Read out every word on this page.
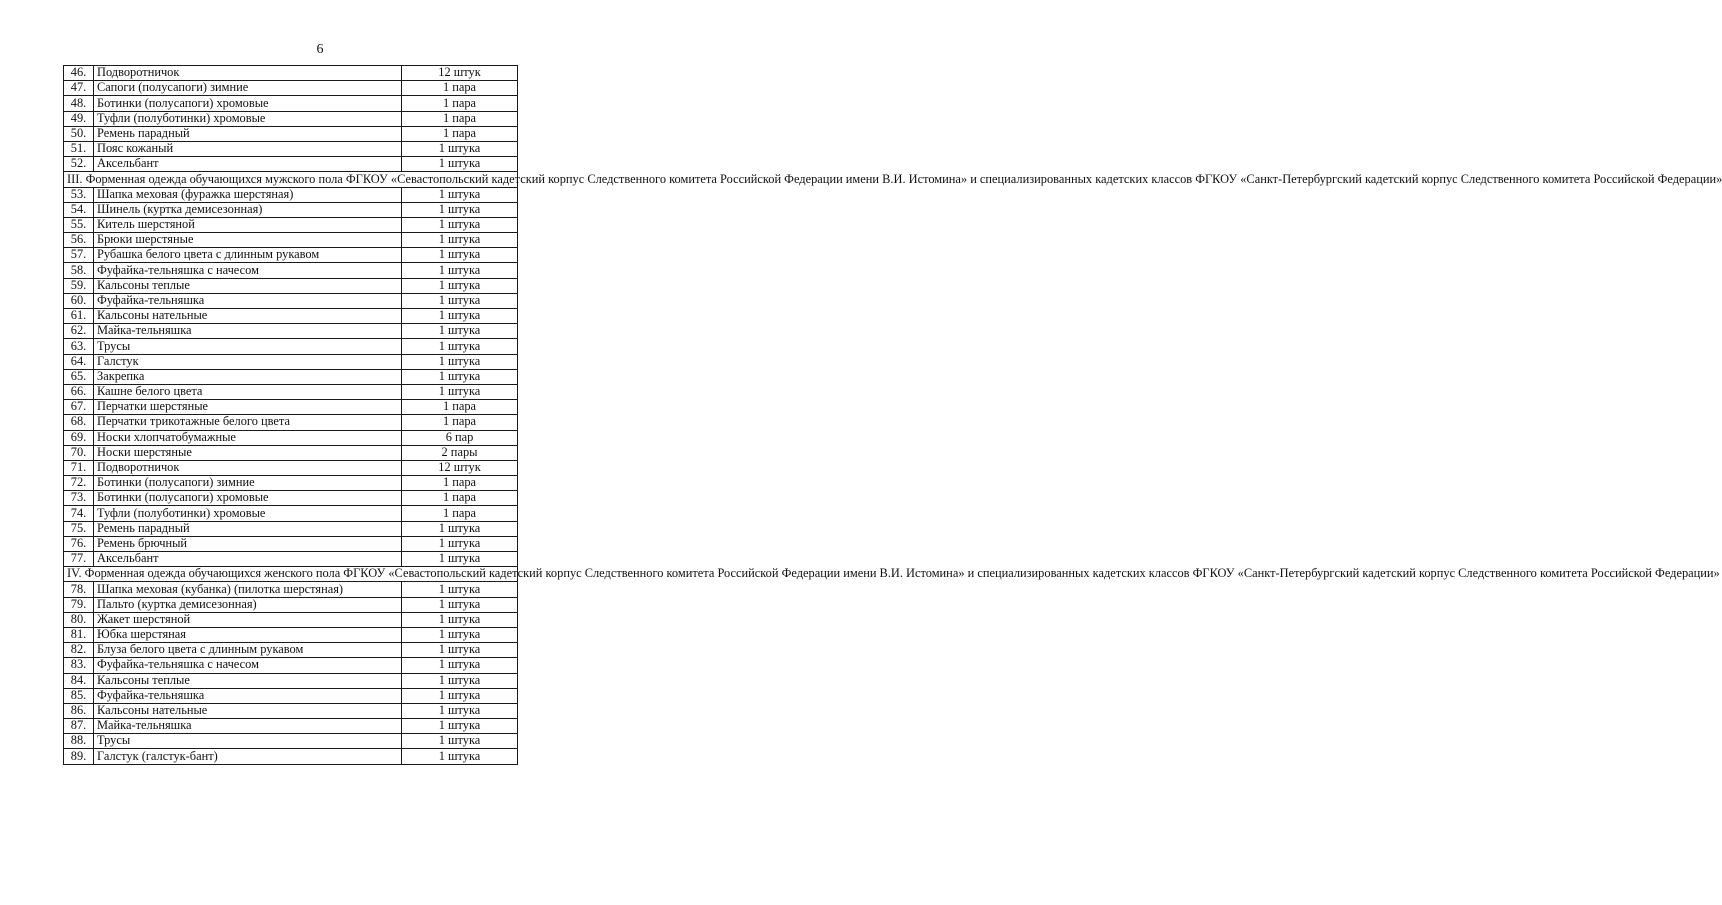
6
46.	Подворотничок	12 штук
47.	Сапоги (полусапоги) зимние	1 пара
48.	Ботинки (полусапоги) хромовые	1 пара
49.	Туфли (полуботинки) хромовые	1 пара
50.	Ремень парадный	1 пара
51.	Пояс кожаный	1 штука
52.	Аксельбант	1 штука
III. Форменная одежда обучающихся мужского пола ФГКОУ «Севастопольский кадетский корпус Следственного комитета Российской Федерации имени В.И. Истомина» и специализированных кадетских классов ФГКОУ «Санкт-Петербургский кадетский корпус Следственного комитета Российской Федерации»		
53.	Шапка меховая (фуражка шерстяная)	1 штука
54.	Шинель (куртка демисезонная)	1 штука
55.	Китель шерстяной	1 штука
56.	Брюки шерстяные	1 штука
57.	Рубашка белого цвета с длинным рукавом	1 штука
58.	Фуфайка-тельняшка с начесом	1 штука
59.	Кальсоны теплые	1 штука
60.	Фуфайка-тельняшка	1 штука
61.	Кальсоны нательные	1 штука
62.	Майка-тельняшка	1 штука
63.	Трусы	1 штука
64.	Галстук	1 штука
65.	Закрепка	1 штука
66.	Кашне белого цвета	1 штука
67.	Перчатки шерстяные	1 пара
68.	Перчатки трикотажные белого цвета	1 пара
69.	Носки хлопчатобумажные	6 пар
70.	Носки шерстяные	2 пары
71.	Подворотничок	12 штук
72.	Ботинки (полусапоги) зимние	1 пара
73.	Ботинки (полусапоги) хромовые	1 пара
74.	Туфли (полуботинки) хромовые	1 пара
75.	Ремень парадный	1 штука
76.	Ремень брючный	1 штука
77.	Аксельбант	1 штука
IV. Форменная одежда обучающихся женского пола ФГКОУ «Севастопольский кадетский корпус Следственного комитета Российской Федерации имени В.И. Истомина» и специализированных кадетских классов ФГКОУ «Санкт-Петербургский кадетский корпус Следственного комитета Российской Федерации»		
78.	Шапка меховая (кубанка) (пилотка шерстяная)	1 штука
79.	Пальто (куртка демисезонная)	1 штука
80.	Жакет шерстяной	1 штука
81.	Юбка шерстяная	1 штука
82.	Блуза белого цвета с длинным рукавом	1 штука
83.	Фуфайка-тельняшка с начесом	1 штука
84.	Кальсоны теплые	1 штука
85.	Фуфайка-тельняшка	1 штука
86.	Кальсоны нательные	1 штука
87.	Майка-тельняшка	1 штука
88.	Трусы	1 штука
89.	Галстук (галстук-бант)	1 штука
